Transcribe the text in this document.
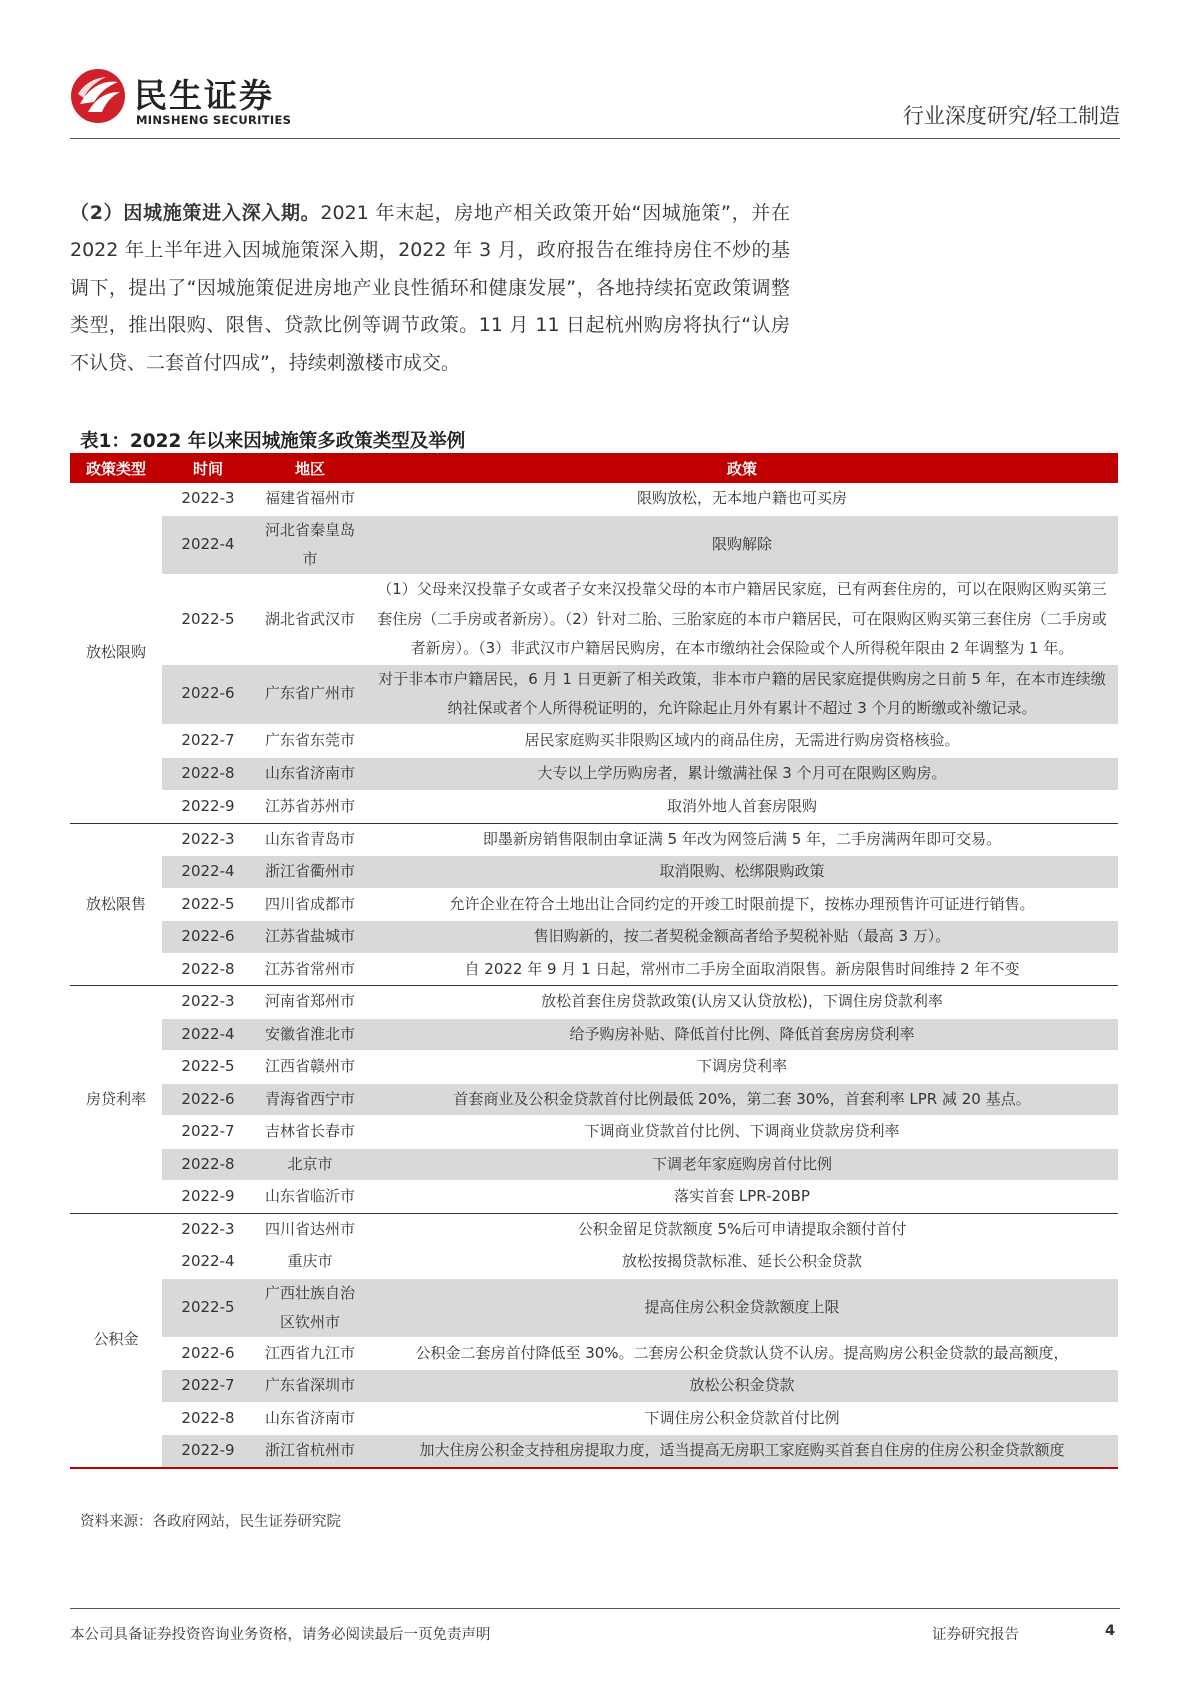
民生证券
MINSHENG SECURITIES	行业深度研究/轻工制造
（2）因城施策进入深入期。2021 年末起，房地产相关政策开始“因城施策”，并在 2022 年上半年进入因城施策深入期，2022 年 3 月，政府报告在维持房住不炒的基调下，提出了“因城施策促进房地产业良性循环和健康发展”，各地持续拓宽政策调整类型，推出限购、限售、贷款比例等调节政策。11 月 11 日起杭州购房将执行“认房不认贷、二套首付四成”，持续刺激楼市成交。
表1：2022 年以来因城施策多政策类型及举例
政策类型	时间	地区	政策
放松限购	2022-3	福建省福州市	限购放松，无本地户籍也可买房
	2022-4	河北省秦皇岛市	限购解除
	2022-5	湖北省武汉市	（1）父母来汉投靠子女或者子女来汉投靠父母的本市户籍居民家庭，已有两套住房的，可以在限购区购买第三套住房（二手房或者新房）。（2）针对二胎、三胎家庭的本市户籍居民，可在限购区购买第三套住房（二手房或者新房）。（3）非武汉市户籍居民购房，在本市缴纳社会保险或个人所得税年限由 2 年调整为 1 年。
	2022-6	广东省广州市	对于非本市户籍居民，6 月 1 日更新了相关政策，非本市户籍的居民家庭提供购房之日前 5 年，在本市连续缴纳社保或者个人所得税证明的，允许除起止月外有累计不超过 3 个月的断缴或补缴记录。
	2022-7	广东省东莞市	居民家庭购买非限购区域内的商品住房，无需进行购房资格核验。
	2022-8	山东省济南市	大专以上学历购房者，累计缴满社保 3 个月可在限购区购房。
	2022-9	江苏省苏州市	取消外地人首套房限购
放松限售	2022-3	山东省青岛市	即墨新房销售限制由拿证满 5 年改为网签后满 5 年，二手房满两年即可交易。
	2022-4	浙江省衢州市	取消限购、松绑限购政策
	2022-5	四川省成都市	允许企业在符合土地出让合同约定的开竣工时限前提下，按栋办理预售许可证进行销售。
	2022-6	江苏省盐城市	售旧购新的，按二者契税金额高者给予契税补贴（最高 3 万）。
	2022-8	江苏省常州市	自 2022 年 9 月 1 日起，常州市二手房全面取消限售。新房限售时间维持 2 年不变
房贷利率	2022-3	河南省郑州市	放松首套住房贷款政策(认房又认贷放松)，下调住房贷款利率
	2022-4	安徽省淮北市	给予购房补贴、降低首付比例、降低首套房房贷利率
	2022-5	江西省赣州市	下调房贷利率
	2022-6	青海省西宁市	首套商业及公积金贷款首付比例最低 20%，第二套 30%，首套利率 LPR 减 20 基点。
	2022-7	吉林省长春市	下调商业贷款首付比例、下调商业贷款房贷利率
	2022-8	北京市	下调老年家庭购房首付比例
	2022-9	山东省临沂市	落实首套 LPR-20BP
公积金	2022-3	四川省达州市	公积金留足贷款额度 5%后可申请提取余额付首付
	2022-4	重庆市	放松按揭贷款标准、延长公积金贷款
	2022-5	广西壮族自治区钦州市	提高住房公积金贷款额度上限
	2022-6	江西省九江市	公积金二套房首付降低至 30%。二套房公积金贷款认贷不认房。提高购房公积金贷款的最高额度，
	2022-7	广东省深圳市	放松公积金贷款
	2022-8	山东省济南市	下调住房公积金贷款首付比例
	2022-9	浙江省杭州市	加大住房公积金支持租房提取力度，适当提高无房职工家庭购买首套自住房的住房公积金贷款额度
资料来源：各政府网站，民生证券研究院
本公司具备证券投资咨询业务资格，请务必阅读最后一页免责声明	证券研究报告	4
